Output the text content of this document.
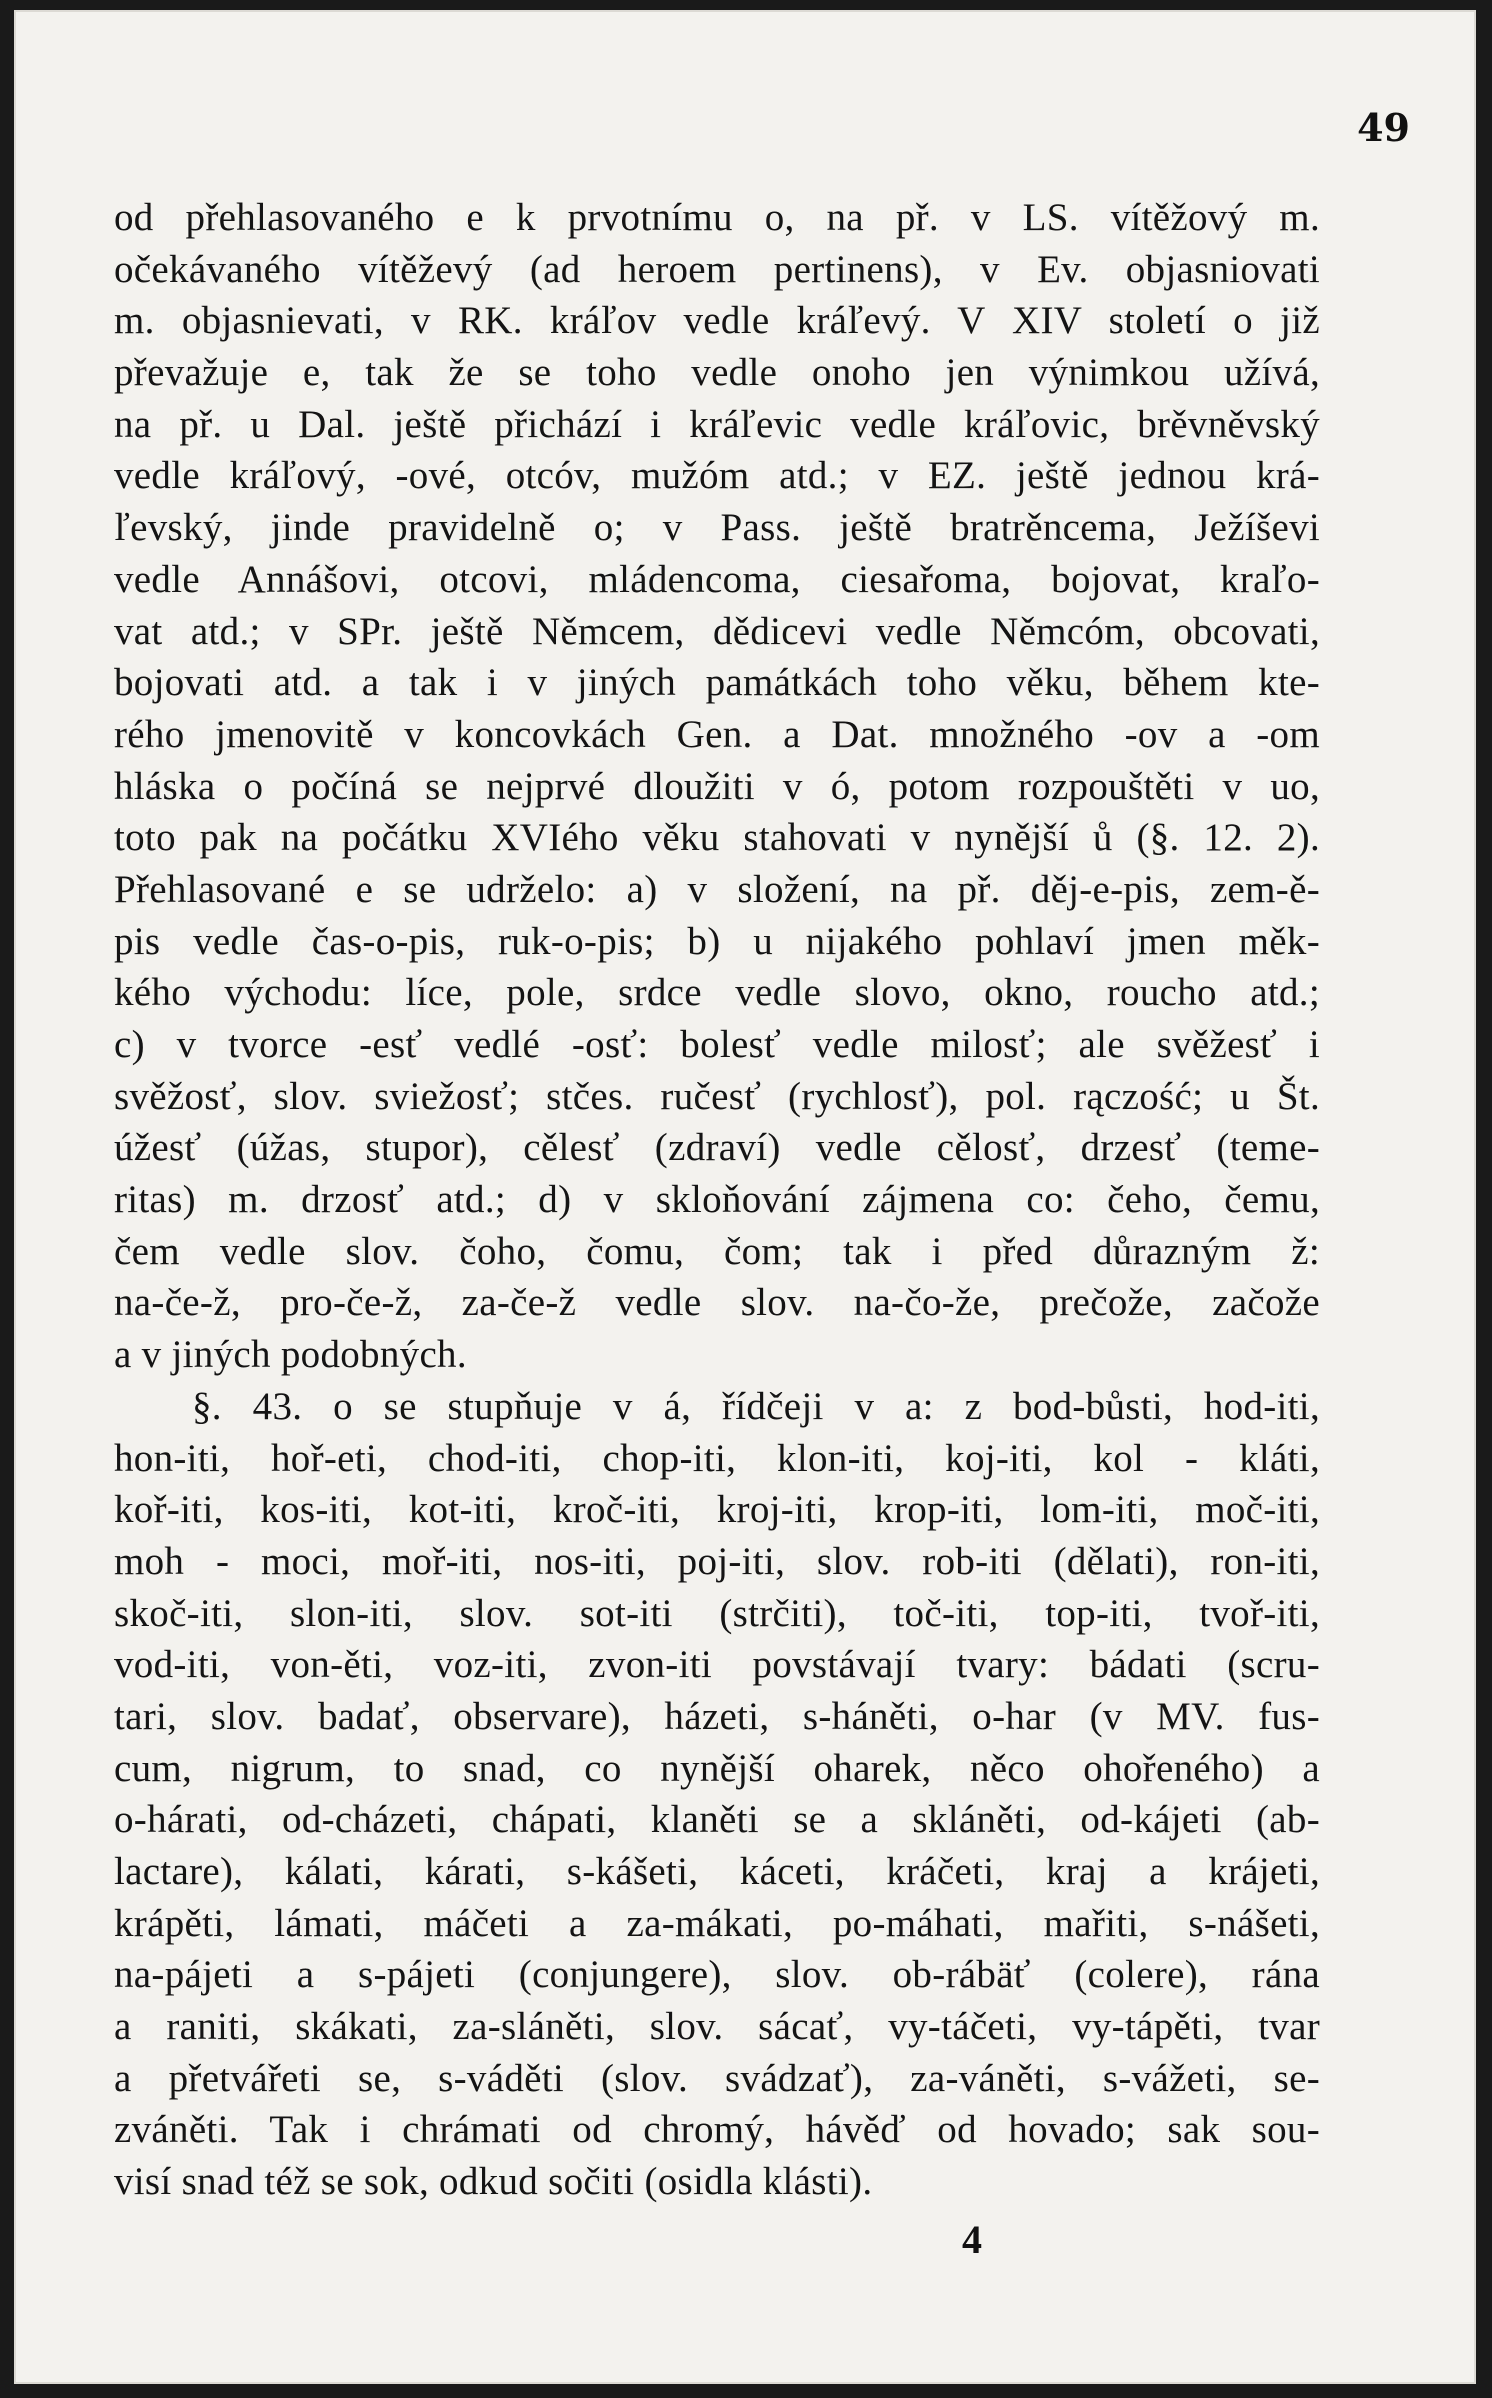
49
od přehlasovaného e k prvotnímu o, na př. v LS. vítěžový m.
očekávaného vítěževý (ad heroem pertinens), v Ev. objasniovati
m. objasnievati, v RK. kráľov vedle kráľevý. V XIV století o již
převažuje e, tak že se toho vedle onoho jen výnimkou užívá,
na př. u Dal. ještě přichází i kráľevic vedle kráľovic, brěvněvský
vedle kráľový, -ové, otcóv, mužóm atd.; v EZ. ještě jednou krá-
ľevský, jinde pravidelně o; v Pass. ještě bratrěncema, Ježíševi
vedle Annášovi, otcovi, mládencoma, ciesařoma, bojovat, kraľo-
vat atd.; v SPr. ještě Němcem, dědicevi vedle Němcóm, obcovati,
bojovati atd. a tak i v jiných památkách toho věku, během kte-
rého jmenovitě v koncovkách Gen. a Dat. množného -ov a -om
hláska o počíná se nejprvé dloužiti v ó, potom rozpouštěti v uo,
toto pak na počátku XVIého věku stahovati v nynější ů (§. 12. 2).
Přehlasované e se udrželo: a) v složení, na př. děj-e-pis, zem-ě-
pis vedle čas-o-pis, ruk-o-pis; b) u nijakého pohlaví jmen měk-
kého východu: líce, pole, srdce vedle slovo, okno, roucho atd.;
c) v tvorce -esť vedlé -osť: bolesť vedle milosť; ale svěžesť i
svěžosť, slov. sviežosť; stčes. ručesť (rychlosť), pol. rączość; u Št.
úžesť (úžas, stupor), cělesť (zdraví) vedle cělosť, drzesť (teme-
ritas) m. drzosť atd.; d) v skloňování zájmena co: čeho, čemu,
čem vedle slov. čoho, čomu, čom; tak i před důrazným ž:
na-če-ž, pro-če-ž, za-če-ž vedle slov. na-čo-že, prečože, začože
a v jiných podobných.
§. 43. o se stupňuje v á, řídčeji v a: z bod-bůsti, hod-iti,
hon-iti, hoř-eti, chod-iti, chop-iti, klon-iti, koj-iti, kol - kláti,
koř-iti, kos-iti, kot-iti, kroč-iti, kroj-iti, krop-iti, lom-iti, moč-iti,
moh - moci, moř-iti, nos-iti, poj-iti, slov. rob-iti (dělati), ron-iti,
skoč-iti, slon-iti, slov. sot-iti (strčiti), toč-iti, top-iti, tvoř-iti,
vod-iti, von-ěti, voz-iti, zvon-iti povstávají tvary: bádati (scru-
tari, slov. badať, observare), házeti, s-háněti, o-har (v MV. fus-
cum, nigrum, to snad, co nynější oharek, něco ohořeného) a
o-hárati, od-cházeti, chápati, klaněti se a skláněti, od-kájeti (ab-
lactare), kálati, kárati, s-kášeti, káceti, kráčeti, kraj a krájeti,
krápěti, lámati, máčeti a za-mákati, po-máhati, mařiti, s-nášeti,
na-pájeti a s-pájeti (conjungere), slov. ob-rábäť (colere), rána
a raniti, skákati, za-sláněti, slov. sácať, vy-táčeti, vy-tápěti, tvar
a přetvářeti se, s-váděti (slov. svádzať), za-váněti, s-vážeti, se-
zváněti. Tak i chrámati od chromý, hávěď od hovado; sak sou-
visí snad též se sok, odkud sočiti (osidla klásti).
4
